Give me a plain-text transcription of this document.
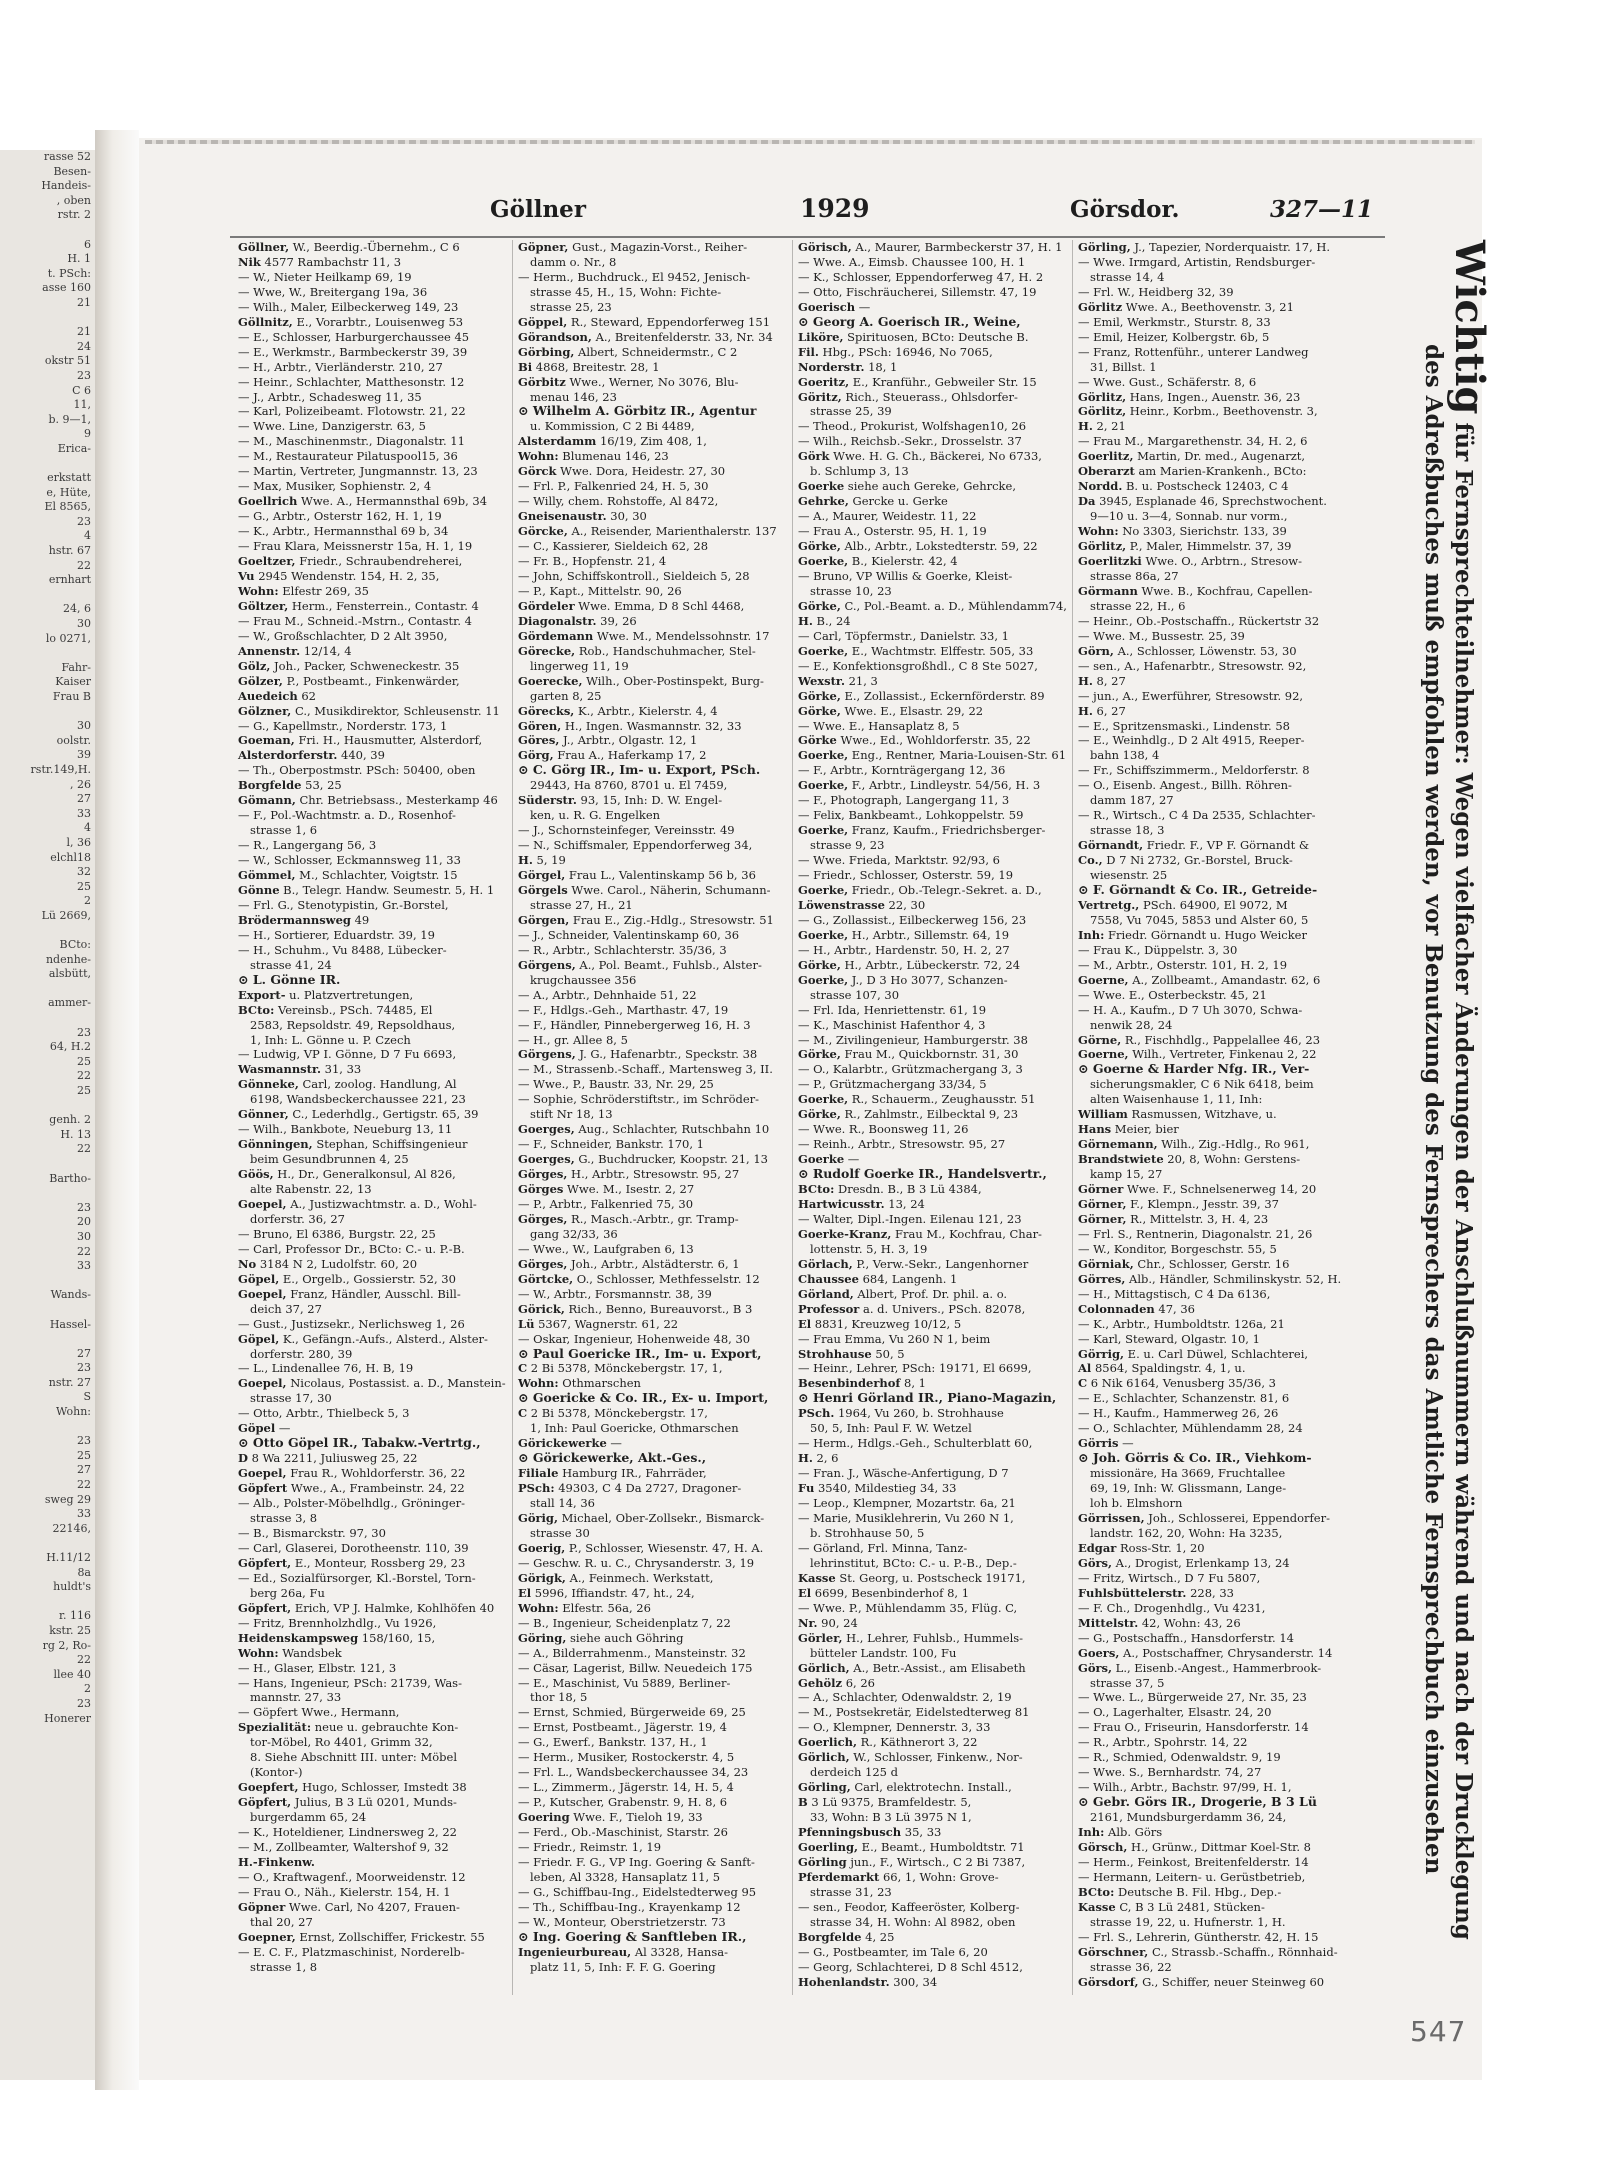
rasse 52
Besen-
Handeis-
, oben
rstr. 2

6
H. 1
t. PSch:
asse 160
21

21
24
okstr 51
23
C 6
11,
b. 9—1,
9
Erica-

erkstatt
e, Hüte,
El 8565,
23
4
hstr. 67
22
ernhart

24, 6
30
lo 0271,

Fahr-
Kaiser
Frau B

30
oolstr.
39
rstr.149,H.
, 26
27
33
4
l, 36
elchl18
32
25
2
Lü 2669,

BCto:
ndenhe-
alsbütt,

ammer-

23
64, H.2
25
22
25

genh. 2
H. 13
22

Bartho-

23
20
30
22
33

Wands-

Hassel-

27
23
nstr. 27
S
Wohn:

23
25
27
22
sweg 29
33
22146,

H.11/12
8a
huldt's

r. 116
kstr. 25
rg 2, Ro-
22
llee 40
2
23
Honerer
Göllner	1929	Görsdor.	327—11
Göllner, W., Beerdig.-Übernehm., C 6
Nik 4577 Rambachstr 11, 3
— W., Nieter Heilkamp 69, 19
— Wwe, W., Breitergang 19a, 36
— Wilh., Maler, Eilbeckerweg 149, 23
Göllnitz, E., Vorarbtr., Louisenweg 53
— E., Schlosser, Harburgerchaussee 45
— E., Werkmstr., Barmbeckerstr 39, 39
— H., Arbtr., Vierländerstr. 210, 27
— Heinr., Schlachter, Matthesonstr. 12
— J., Arbtr., Schadesweg 11, 35
— Karl, Polizeibeamt. Flotowstr. 21, 22
— Wwe. Line, Danzigerstr. 63, 5
— M., Maschinenmstr., Diagonalstr. 11
— M., Restaurateur Pilatuspool15, 36
— Martin, Vertreter, Jungmannstr. 13, 23
— Max, Musiker, Sophienstr. 2, 4
Goellrich Wwe. A., Hermannsthal 69b, 34
— G., Arbtr., Osterstr 162, H. 1, 19
— K., Arbtr., Hermannsthal 69 b, 34
— Frau Klara, Meissnerstr 15a, H. 1, 19
Goeltzer, Friedr., Schraubendreherei,
Vu 2945 Wendenstr. 154, H. 2, 35,
Wohn: Elfestr 269, 35
Göltzer, Herm., Fensterrein., Contastr. 4
— Frau M., Schneid.-Mstrn., Contastr. 4
— W., Großschlachter, D 2 Alt 3950,
Annenstr. 12/14, 4
Gölz, Joh., Packer, Schweneckestr. 35
Gölzer, P., Postbeamt., Finkenwärder,
Auedeich 62
Gölzner, C., Musikdirektor, Schleusenstr. 11
— G., Kapellmstr., Norderstr. 173, 1
Goeman, Fri. H., Hausmutter, Alsterdorf,
Alsterdorferstr. 440, 39
— Th., Oberpostmstr. PSch: 50400, oben
Borgfelde 53, 25
Gömann, Chr. Betriebsass., Mesterkamp 46
— F., Pol.-Wachtmstr. a. D., Rosenhof-
strasse 1, 6
— R., Langergang 56, 3
— W., Schlosser, Eckmannsweg 11, 33
Gömmel, M., Schlachter, Voigtstr. 15
Gönne B., Telegr. Handw. Seumestr. 5, H. 1
— Frl. G., Stenotypistin, Gr.-Borstel,
Brödermannsweg 49
— H., Sortierer, Eduardstr. 39, 19
— H., Schuhm., Vu 8488, Lübecker-
strasse 41, 24
⊙ L. Gönne IR.
Export- u. Platzvertretungen,
BCto: Vereinsb., PSch. 74485, El
2583, Repsoldstr. 49, Repsoldhaus,
1, Inh: L. Gönne u. P. Czech
— Ludwig, VP I. Gönne, D 7 Fu 6693,
Wasmannstr. 31, 33
Gönneke, Carl, zoolog. Handlung, Al
6198, Wandsbeckerchaussee 221, 23
Gönner, C., Lederhdlg., Gertigstr. 65, 39
— Wilh., Bankbote, Neueburg 13, 11
Gönningen, Stephan, Schiffsingenieur
beim Gesundbrunnen 4, 25
Göös, H., Dr., Generalkonsul, Al 826,
alte Rabenstr. 22, 13
Goepel, A., Justizwachtmstr. a. D., Wohl-
dorferstr. 36, 27
— Bruno, El 6386, Burgstr. 22, 25
— Carl, Professor Dr., BCto: C.- u. P.-B.
No 3184 N 2, Ludolfstr. 60, 20
Göpel, E., Orgelb., Gossierstr. 52, 30
Goepel, Franz, Händler, Ausschl. Bill-
deich 37, 27
— Gust., Justizsekr., Nerlichsweg 1, 26
Göpel, K., Gefängn.-Aufs., Alsterd., Alster-
dorferstr. 280, 39
— L., Lindenallee 76, H. B, 19
Goepel, Nicolaus, Postassist. a. D., Manstein-
strasse 17, 30
— Otto, Arbtr., Thielbeck 5, 3
Göpel —
⊙ Otto Göpel IR., Tabakw.-Vertrtg.,
D 8 Wa 2211, Juliusweg 25, 22
Goepel, Frau R., Wohldorferstr. 36, 22
Göpfert Wwe., A., Frambeinstr. 24, 22
— Alb., Polster-Möbelhdlg., Gröninger-
strasse 3, 8
— B., Bismarckstr. 97, 30
— Carl, Glaserei, Dorotheenstr. 110, 39
Göpfert, E., Monteur, Rossberg 29, 23
— Ed., Sozialfürsorger, Kl.-Borstel, Torn-
berg 26a, Fu
Göpfert, Erich, VP J. Halmke, Kohlhöfen 40
— Fritz, Brennholzhdlg., Vu 1926,
Heidenskampsweg 158/160, 15,
Wohn: Wandsbek
— H., Glaser, Elbstr. 121, 3
— Hans, Ingenieur, PSch: 21739, Was-
mannstr. 27, 33
— Göpfert Wwe., Hermann,
Spezialität: neue u. gebrauchte Kon-
tor-Möbel, Ro 4401, Grimm 32,
8. Siehe Abschnitt III. unter: Möbel
(Kontor-)
Goepfert, Hugo, Schlosser, Imstedt 38
Göpfert, Julius, B 3 Lü 0201, Munds-
burgerdamm 65, 24
— K., Hoteldiener, Lindnersweg 2, 22
— M., Zollbeamter, Waltershof 9, 32
H.-Finkenw.
— O., Kraftwagenf., Moorweidenstr. 12
— Frau O., Näh., Kielerstr. 154, H. 1
Göpner Wwe. Carl, No 4207, Frauen-
thal 20, 27
Goepner, Ernst, Zollschiffer, Frickestr. 55
— E. C. F., Platzmaschinist, Norderelb-
strasse 1, 8
Göpner, Gust., Magazin-Vorst., Reiher-
damm o. Nr., 8
— Herm., Buchdruck., El 9452, Jenisch-
strasse 45, H., 15, Wohn: Fichte-
strasse 25, 23
Göppel, R., Steward, Eppendorferweg 151
Görandson, A., Breitenfelderstr. 33, Nr. 34
Görbing, Albert, Schneidermstr., C 2
Bi 4868, Breitestr. 28, 1
Görbitz Wwe., Werner, No 3076, Blu-
menau 146, 23
⊙ Wilhelm A. Görbitz IR., Agentur
u. Kommission, C 2 Bi 4489,
Alsterdamm 16/19, Zim 408, 1,
Wohn: Blumenau 146, 23
Görck Wwe. Dora, Heidestr. 27, 30
— Frl. P., Falkenried 24, H. 5, 30
— Willy, chem. Rohstoffe, Al 8472,
Gneisenaustr. 30, 30
Görcke, A., Reisender, Marienthalerstr. 137
— C., Kassierer, Sieldeich 62, 28
— Fr. B., Hopfenstr. 21, 4
— John, Schiffskontroll., Sieldeich 5, 28
— P., Kapt., Mittelstr. 90, 26
Gördeler Wwe. Emma, D 8 Schl 4468,
Diagonalstr. 39, 26
Gördemann Wwe. M., Mendelssohnstr. 17
Görecke, Rob., Handschuhmacher, Stel-
lingerweg 11, 19
Goerecke, Wilh., Ober-Postinspekt, Burg-
garten 8, 25
Görecks, K., Arbtr., Kielerstr. 4, 4
Gören, H., Ingen. Wasmannstr. 32, 33
Göres, J., Arbtr., Olgastr. 12, 1
Görg, Frau A., Haferkamp 17, 2
⊙ C. Görg IR., Im- u. Export, PSch.
29443, Ha 8760, 8701 u. El 7459,
Süderstr. 93, 15, Inh: D. W. Engel-
ken, u. R. G. Engelken
— J., Schornsteinfeger, Vereinsstr. 49
— N., Schiffsmaler, Eppendorferweg 34,
H. 5, 19
Görgel, Frau L., Valentinskamp 56 b, 36
Görgels Wwe. Carol., Näherin, Schumann-
strasse 27, H., 21
Görgen, Frau E., Zig.-Hdlg., Stresowstr. 51
— J., Schneider, Valentinskamp 60, 36
— R., Arbtr., Schlachterstr. 35/36, 3
Görgens, A., Pol. Beamt., Fuhlsb., Alster-
krugchaussee 356
— A., Arbtr., Dehnhaide 51, 22
— F., Hdlgs.-Geh., Marthastr. 47, 19
— F., Händler, Pinnebergerweg 16, H. 3
— H., gr. Allee 8, 5
Görgens, J. G., Hafenarbtr., Speckstr. 38
— M., Strassenb.-Schaff., Martensweg 3, II.
— Wwe., P., Baustr. 33, Nr. 29, 25
— Sophie, Schröderstiftstr., im Schröder-
stift Nr 18, 13
Goerges, Aug., Schlachter, Rutschbahn 10
— F., Schneider, Bankstr. 170, 1
Goerges, G., Buchdrucker, Koopstr. 21, 13
Görges, H., Arbtr., Stresowstr. 95, 27
Görges Wwe. M., Isestr. 2, 27
— P., Arbtr., Falkenried 75, 30
Görges, R., Masch.-Arbtr., gr. Tramp-
gang 32/33, 36
— Wwe., W., Laufgraben 6, 13
Görges, Joh., Arbtr., Alstädterstr. 6, 1
Görtcke, O., Schlosser, Methfesselstr. 12
— W., Arbtr., Forsmannstr. 38, 39
Görick, Rich., Benno, Bureauvorst., B 3
Lü 5367, Wagnerstr. 61, 22
— Oskar, Ingenieur, Hohenweide 48, 30
⊙ Paul Goericke IR., Im- u. Export,
C 2 Bi 5378, Mönckebergstr. 17, 1,
Wohn: Othmarschen
⊙ Goericke & Co. IR., Ex- u. Import,
C 2 Bi 5378, Mönckebergstr. 17,
1, Inh: Paul Goericke, Othmarschen
Görickewerke —
⊙ Görickewerke, Akt.-Ges.,
Filiale Hamburg IR., Fahrräder,
PSch: 49303, C 4 Da 2727, Dragoner-
stall 14, 36
Görig, Michael, Ober-Zollsekr., Bismarck-
strasse 30
Goerig, P., Schlosser, Wiesenstr. 47, H. A.
— Geschw. R. u. C., Chrysanderstr. 3, 19
Görigk, A., Feinmech. Werkstatt,
El 5996, Iffiandstr. 47, ht., 24,
Wohn: Elfestr. 56a, 26
— B., Ingenieur, Scheidenplatz 7, 22
Göring, siehe auch Göhring
— A., Bilderrahmenm., Mansteinstr. 32
— Cäsar, Lagerist, Billw. Neuedeich 175
— E., Maschinist, Vu 5889, Berliner-
thor 18, 5
— Ernst, Schmied, Bürgerweide 69, 25
— Ernst, Postbeamt., Jägerstr. 19, 4
— G., Ewerf., Bankstr. 137, H., 1
— Herm., Musiker, Rostockerstr. 4, 5
— Frl. L., Wandsbeckerchaussee 34, 23
— L., Zimmerm., Jägerstr. 14, H. 5, 4
— P., Kutscher, Grabenstr. 9, H. 8, 6
Goering Wwe. F., Tieloh 19, 33
— Ferd., Ob.-Maschinist, Starstr. 26
— Friedr., Reimstr. 1, 19
— Friedr. F. G., VP Ing. Goering & Sanft-
leben, Al 3328, Hansaplatz 11, 5
— G., Schiffbau-Ing., Eidelstedterweg 95
— Th., Schiffbau-Ing., Krayenkamp 12
— W., Monteur, Oberstrietzerstr. 73
⊙ Ing. Goering & Sanftleben IR.,
Ingenieurbureau, Al 3328, Hansa-
platz 11, 5, Inh: F. F. G. Goering
Görisch, A., Maurer, Barmbeckerstr 37, H. 1
— Wwe. A., Eimsb. Chaussee 100, H. 1
— K., Schlosser, Eppendorferweg 47, H. 2
— Otto, Fischräucherei, Sillemstr. 47, 19
Goerisch —
⊙ Georg A. Goerisch IR., Weine,
Liköre, Spirituosen, BCto: Deutsche B.
Fil. Hbg., PSch: 16946, No 7065,
Norderstr. 18, 1
Goeritz, E., Kranführ., Gebweiler Str. 15
Göritz, Rich., Steuerass., Ohlsdorfer-
strasse 25, 39
— Theod., Prokurist, Wolfshagen10, 26
— Wilh., Reichsb.-Sekr., Drosselstr. 37
Görk Wwe. H. G. Ch., Bäckerei, No 6733,
b. Schlump 3, 13
Goerke siehe auch Gereke, Gehrcke,
Gehrke, Gercke u. Gerke
— A., Maurer, Weidestr. 11, 22
— Frau A., Osterstr. 95, H. 1, 19
Görke, Alb., Arbtr., Lokstedterstr. 59, 22
Goerke, B., Kielerstr. 42, 4
— Bruno, VP Willis & Goerke, Kleist-
strasse 10, 23
Görke, C., Pol.-Beamt. a. D., Mühlendamm74,
H. B., 24
— Carl, Töpfermstr., Danielstr. 33, 1
Goerke, E., Wachtmstr. Elffestr. 505, 33
— E., Konfektionsgroßhdl., C 8 Ste 5027,
Wexstr. 21, 3
Görke, E., Zollassist., Eckernförderstr. 89
Görke, Wwe. E., Elsastr. 29, 22
— Wwe. E., Hansaplatz 8, 5
Görke Wwe., Ed., Wohldorferstr. 35, 22
Goerke, Eng., Rentner, Maria-Louisen-Str. 61
— F., Arbtr., Kornträgergang 12, 36
Goerke, F., Arbtr., Lindleystr. 54/56, H. 3
— F., Photograph, Langergang 11, 3
— Felix, Bankbeamt., Lohkoppelstr. 59
Goerke, Franz, Kaufm., Friedrichsberger-
strasse 9, 23
— Wwe. Frieda, Marktstr. 92/93, 6
— Friedr., Schlosser, Osterstr. 59, 19
Goerke, Friedr., Ob.-Telegr.-Sekret. a. D.,
Löwenstrasse 22, 30
— G., Zollassist., Eilbeckerweg 156, 23
Goerke, H., Arbtr., Sillemstr. 64, 19
— H., Arbtr., Hardenstr. 50, H. 2, 27
Görke, H., Arbtr., Lübeckerstr. 72, 24
Goerke, J., D 3 Ho 3077, Schanzen-
strasse 107, 30
— Frl. Ida, Henriettenstr. 61, 19
— K., Maschinist Hafenthor 4, 3
— M., Zivilingenieur, Hamburgerstr. 38
Görke, Frau M., Quickbornstr. 31, 30
— O., Kalarbtr., Grützmachergang 3, 3
— P., Grützmachergang 33/34, 5
Goerke, R., Schauerm., Zeughausstr. 51
Görke, R., Zahlmstr., Eilbecktal 9, 23
— Wwe. R., Boonsweg 11, 26
— Reinh., Arbtr., Stresowstr. 95, 27
Goerke —
⊙ Rudolf Goerke IR., Handelsvertr.,
BCto: Dresdn. B., B 3 Lü 4384,
Hartwicusstr. 13, 24
— Walter, Dipl.-Ingen. Eilenau 121, 23
Goerke-Kranz, Frau M., Kochfrau, Char-
lottenstr. 5, H. 3, 19
Görlach, P., Verw.-Sekr., Langenhorner
Chaussee 684, Langenh. 1
Görland, Albert, Prof. Dr. phil. a. o.
Professor a. d. Univers., PSch. 82078,
El 8831, Kreuzweg 10/12, 5
— Frau Emma, Vu 260 N 1, beim
Strohhause 50, 5
— Heinr., Lehrer, PSch: 19171, El 6699,
Besenbinderhof 8, 1
⊙ Henri Görland IR., Piano-Magazin,
PSch. 1964, Vu 260, b. Strohhause
50, 5, Inh: Paul F. W. Wetzel
— Herm., Hdlgs.-Geh., Schulterblatt 60,
H. 2, 6
— Fran. J., Wäsche-Anfertigung, D 7
Fu 3540, Mildestieg 34, 33
— Leop., Klempner, Mozartstr. 6a, 21
— Marie, Musiklehrerin, Vu 260 N 1,
b. Strohhause 50, 5
— Görland, Frl. Minna, Tanz-
lehrinstitut, BCto: C.- u. P.-B., Dep.-
Kasse St. Georg, u. Postscheck 19171,
El 6699, Besenbinderhof 8, 1
— Wwe. P., Mühlendamm 35, Flüg. C,
Nr. 90, 24
Görler, H., Lehrer, Fuhlsb., Hummels-
bütteler Landstr. 100, Fu
Görlich, A., Betr.-Assist., am Elisabeth
Gehölz 6, 26
— A., Schlachter, Odenwaldstr. 2, 19
— M., Postsekretär, Eidelstedterweg 81
— O., Klempner, Dennerstr. 3, 33
Goerlich, R., Käthnerort 3, 22
Görlich, W., Schlosser, Finkenw., Nor-
derdeich 125 d
Görling, Carl, elektrotechn. Install.,
B 3 Lü 9375, Bramfeldestr. 5,
33, Wohn: B 3 Lü 3975 N 1,
Pfenningsbusch 35, 33
Goerling, E., Beamt., Humboldtstr. 71
Görling jun., F., Wirtsch., C 2 Bi 7387,
Pferdemarkt 66, 1, Wohn: Grove-
strasse 31, 23
— sen., Feodor, Kaffeeröster, Kolberg-
strasse 34, H. Wohn: Al 8982, oben
Borgfelde 4, 25
— G., Postbeamter, im Tale 6, 20
— Georg, Schlachterei, D 8 Schl 4512,
Hohenlandstr. 300, 34
Görling, J., Tapezier, Norderquaistr. 17, H.
— Wwe. Irmgard, Artistin, Rendsburger-
strasse 14, 4
— Frl. W., Heidberg 32, 39
Görlitz Wwe. A., Beethovenstr. 3, 21
— Emil, Werkmstr., Sturstr. 8, 33
— Emil, Heizer, Kolbergstr. 6b, 5
— Franz, Rottenführ., unterer Landweg
31, Billst. 1
— Wwe. Gust., Schäferstr. 8, 6
Görlitz, Hans, Ingen., Auenstr. 36, 23
Görlitz, Heinr., Korbm., Beethovenstr. 3,
H. 2, 21
— Frau M., Margarethenstr. 34, H. 2, 6
Goerlitz, Martin, Dr. med., Augenarzt,
Oberarzt am Marien-Krankenh., BCto:
Nordd. B. u. Postscheck 12403, C 4
Da 3945, Esplanade 46, Sprechstwochent.
9—10 u. 3—4, Sonnab. nur vorm.,
Wohn: No 3303, Sierichstr. 133, 39
Görlitz, P., Maler, Himmelstr. 37, 39
Goerlitzki Wwe. O., Arbtrn., Stresow-
strasse 86a, 27
Görmann Wwe. B., Kochfrau, Capellen-
strasse 22, H., 6
— Heinr., Ob.-Postschaffn., Rückertstr 32
— Wwe. M., Bussestr. 25, 39
Görn, A., Schlosser, Löwenstr. 53, 30
— sen., A., Hafenarbtr., Stresowstr. 92,
H. 8, 27
— jun., A., Ewerführer, Stresowstr. 92,
H. 6, 27
— E., Spritzensmaski., Lindenstr. 58
— E., Weinhdlg., D 2 Alt 4915, Reeper-
bahn 138, 4
— Fr., Schiffszimmerm., Meldorferstr. 8
— O., Eisenb. Angest., Billh. Röhren-
damm 187, 27
— R., Wirtsch., C 4 Da 2535, Schlachter-
strasse 18, 3
Görnandt, Friedr. F., VP F. Görnandt &
Co., D 7 Ni 2732, Gr.-Borstel, Bruck-
wiesenstr. 25
⊙ F. Görnandt & Co. IR., Getreide-
Vertretg., PSch. 64900, El 9072, M
7558, Vu 7045, 5853 und Alster 60, 5
Inh: Friedr. Görnandt u. Hugo Weicker
— Frau K., Düppelstr. 3, 30
— M., Arbtr., Osterstr. 101, H. 2, 19
Goerne, A., Zollbeamt., Amandastr. 62, 6
— Wwe. E., Osterbeckstr. 45, 21
— H. A., Kaufm., D 7 Uh 3070, Schwa-
nenwik 28, 24
Görne, R., Fischhdlg., Pappelallee 46, 23
Goerne, Wilh., Vertreter, Finkenau 2, 22
⊙ Goerne & Harder Nfg. IR., Ver-
sicherungsmakler, C 6 Nik 6418, beim
alten Waisenhause 1, 11, Inh:
William Rasmussen, Witzhave, u.
Hans Meier, bier
Görnemann, Wilh., Zig.-Hdlg., Ro 961,
Brandstwiete 20, 8, Wohn: Gerstens-
kamp 15, 27
Görner Wwe. F., Schnelsenerweg 14, 20
Görner, F., Klempn., Jesstr. 39, 37
Görner, R., Mittelstr. 3, H. 4, 23
— Frl. S., Rentnerin, Diagonalstr. 21, 26
— W., Konditor, Borgeschstr. 55, 5
Görniak, Chr., Schlosser, Gerstr. 16
Görres, Alb., Händler, Schmilinskystr. 52, H.
— H., Mittagstisch, C 4 Da 6136,
Colonnaden 47, 36
— K., Arbtr., Humboldtstr. 126a, 21
— Karl, Steward, Olgastr. 10, 1
Görrig, E. u. Carl Düwel, Schlachterei,
Al 8564, Spaldingstr. 4, 1, u.
C 6 Nik 6164, Venusberg 35/36, 3
— E., Schlachter, Schanzenstr. 81, 6
— H., Kaufm., Hammerweg 26, 26
— O., Schlachter, Mühlendamm 28, 24
Görris —
⊙ Joh. Görris & Co. IR., Viehkom-
missionäre, Ha 3669, Fruchtallee
69, 19, Inh: W. Glissmann, Lange-
loh b. Elmshorn
Görrissen, Joh., Schlosserei, Eppendorfer-
landstr. 162, 20, Wohn: Ha 3235,
Edgar Ross-Str. 1, 20
Görs, A., Drogist, Erlenkamp 13, 24
— Fritz, Wirtsch., D 7 Fu 5807,
Fuhlsbüttelerstr. 228, 33
— F. Ch., Drogenhdlg., Vu 4231,
Mittelstr. 42, Wohn: 43, 26
— G., Postschaffn., Hansdorferstr. 14
Goers, A., Postschaffner, Chrysanderstr. 14
Görs, L., Eisenb.-Angest., Hammerbrook-
strasse 37, 5
— Wwe. L., Bürgerweide 27, Nr. 35, 23
— O., Lagerhalter, Elsastr. 24, 20
— Frau O., Friseurin, Hansdorferstr. 14
— R., Arbtr., Spohrstr. 14, 22
— R., Schmied, Odenwaldstr. 9, 19
— Wwe. S., Bernhardstr. 74, 27
— Wilh., Arbtr., Bachstr. 97/99, H. 1,
⊙ Gebr. Görs IR., Drogerie, B 3 Lü
2161, Mundsburgerdamm 36, 24,
Inh: Alb. Görs
Görsch, H., Grünw., Dittmar Koel-Str. 8
— Herm., Feinkost, Breitenfelderstr. 14
— Hermann, Leitern- u. Gerüstbetrieb,
BCto: Deutsche B. Fil. Hbg., Dep.-
Kasse C, B 3 Lü 2481, Stücken-
strasse 19, 22, u. Hufnerstr. 1, H.
— Frl. S., Lehrerin, Güntherstr. 42, H. 15
Görschner, C., Strassb.-Schaffn., Rönnhaid-
strasse 36, 22
Görsdorf, G., Schiffer, neuer Steinweg 60
Wichtig für Fernsprechteilnehmer: Wegen vielfacher Änderungen der Anschlußnummern während und nach der Drucklegung
des Adreßbuches muß empfohlen werden, vor Benutzung des Fernsprechers das Amtliche Fernsprechbuch einzusehen
547
